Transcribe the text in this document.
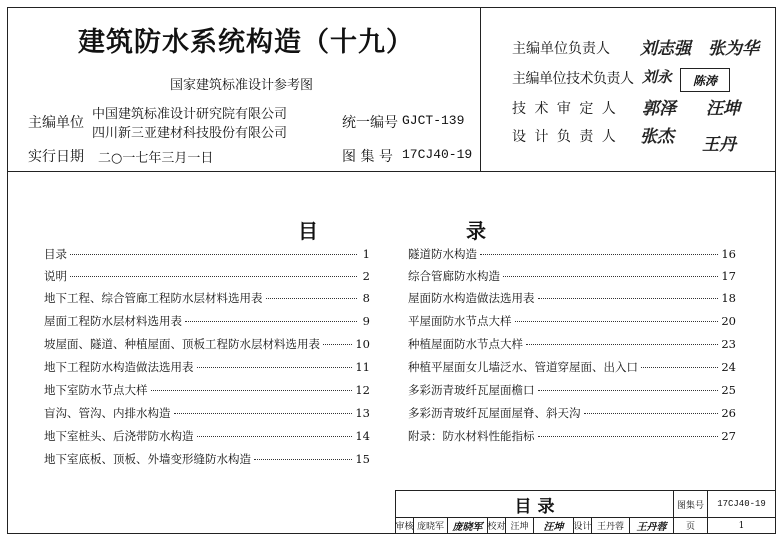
建筑防水系统构造（十九）
国家建筑标准设计参考图
主编单位
中国建筑标准设计研究院有限公司
四川新三亚建材科技股份有限公司
实行日期 二○一七年三月一日
统一编号 GJCT-139
图 集 号 17CJ40-19
主编单位负责人 刘志强 张为华
主编单位技术负责人 刘永	陈涛
技 术 审 定 人 郭泽 汪坤
设 计 负 责 人 张杰 王丹
目	录
目录	1
说明	2
地下工程、综合管廊工程防水层材料选用表	8
屋面工程防水层材料选用表	9
坡屋面、隧道、种植屋面、顶板工程防水层材料选用表	10
地下工程防水构造做法选用表	11
地下室防水节点大样	12
盲沟、管沟、内排水构造	13
地下室桩头、后浇带防水构造	14
地下室底板、顶板、外墙变形缝防水构造	15
隧道防水构造	16
综合管廊防水构造	17
屋面防水构造做法选用表	18
平屋面防水节点大样	20
种植屋面防水节点大样	23
种植平屋面女儿墙泛水、管道穿屋面、出入口	24
多彩沥青玻纤瓦屋面檐口	25
多彩沥青玻纤瓦屋面屋脊、斜天沟	26
附录：防水材料性能指标	27
目 录	图集号	17CJ40-19
审核 庞晓军 庞晓军 校对 汪坤	汪坤	设计 王丹蓉	王丹蓉	页	1
